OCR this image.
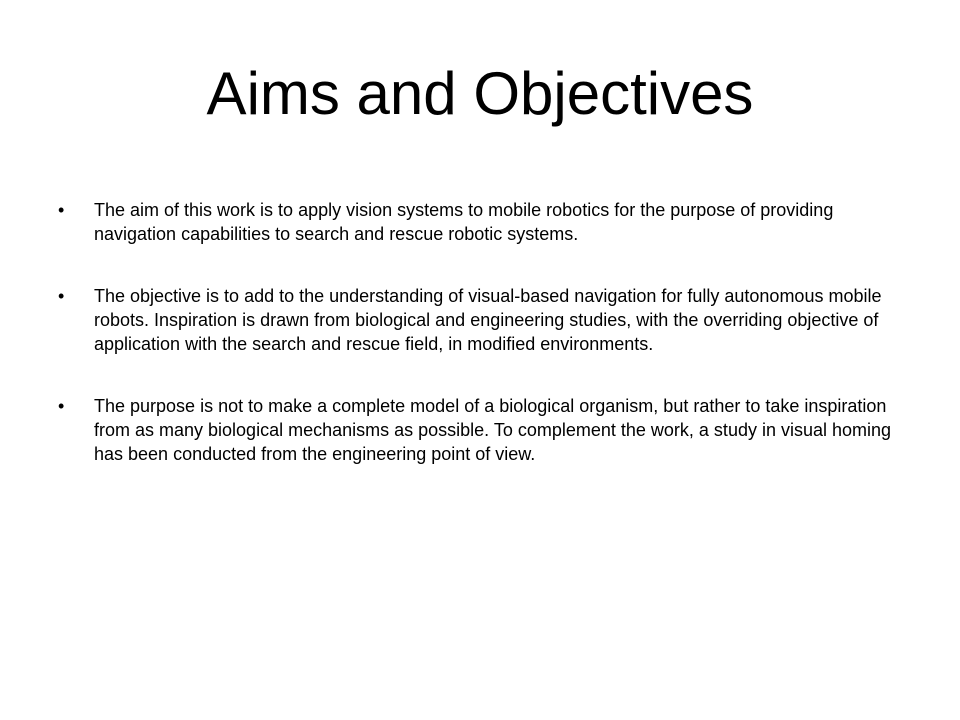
Aims and Objectives
•	The aim of this work is to apply vision systems to mobile robotics for the purpose of providing navigation capabilities to search and rescue robotic systems.
•	The objective is to add to the understanding of visual-based navigation for fully autonomous mobile robots. Inspiration is drawn from biological and engineering studies, with the overriding objective of application with the search and rescue field, in modified environments.
•	The purpose is not to make a complete model of a biological organism, but rather to take inspiration from as many biological mechanisms as possible. To complement the work, a study in visual homing has been conducted from the engineering point of view.
